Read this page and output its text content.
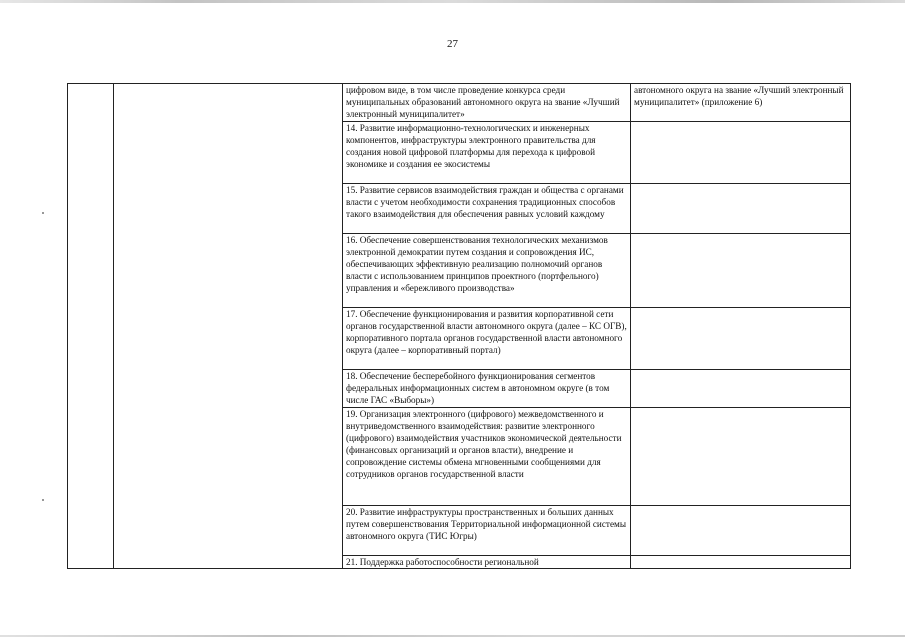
27
		цифровом виде, в том числе проведение конкурса среди муниципальных образований автономного округа на звание «Лучший электронный муниципалитет»	автономного округа на звание «Лучший электронный муниципалитет» (приложение 6)
		14. Развитие информационно-технологических и инженерных компонентов, инфраструктуры электронного правительства для создания новой цифровой платформы для перехода к цифровой экономике и создания ее экосистемы	
		15. Развитие сервисов взаимодействия граждан и общества с органами власти с учетом необходимости сохранения традиционных способов такого взаимодействия для обеспечения равных условий каждому	
		16. Обеспечение совершенствования технологических механизмов электронной демократии путем создания и сопровождения ИС, обеспечивающих эффективную реализацию полномочий органов власти с использованием принципов проектного (портфельного) управления и «бережливого производства»	
		17. Обеспечение функционирования и развития корпоративной сети органов государственной власти автономного округа (далее – КС ОГВ), корпоративного портала органов государственной власти автономного округа (далее – корпоративный портал)	
		18. Обеспечение бесперебойного функционирования сегментов федеральных информационных систем в автономном округе (в том числе ГАС «Выборы»)	
		19. Организация электронного (цифрового) межведомственного и внутриведомственного взаимодействия: развитие электронного (цифрового) взаимодействия участников экономической деятельности (финансовых организаций и органов власти), внедрение и сопровождение системы обмена мгновенными сообщениями для сотрудников органов государственной власти	
		20. Развитие инфраструктуры пространственных и больших данных путем совершенствования Территориальной информационной системы автономного округа (ТИС Югры)	
		21. Поддержка работоспособности региональной	
